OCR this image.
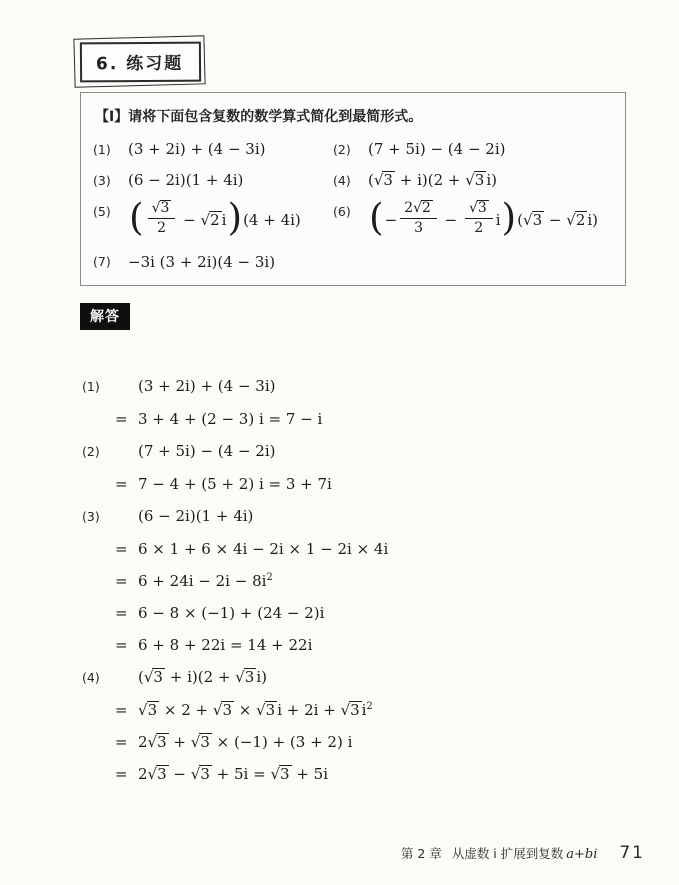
6. 练习题
【Ⅰ】请将下面包含复数的数学算式简化到最简形式。
(1) (3 + 2i) + (4 − 3i)	(2) (7 + 5i) − (4 − 2i)
(3) (6 − 2i)(1 + 4i)	(4) (√3 + i)(2 + √3 i)
(5) ( $\frac{√3}{2} - √2$ i)(4 + 4i)	(6) (− $\frac{2√2}{3} - \frac{√3}{2} i)(√3 - √2$ i)
(7) −3i (3 + 2i)(4 − 3i)
解答
(1)	(3 + 2i) + (4 − 3i)
= 3 + 4 + (2 − 3) i = 7 − i
(2)	(7 + 5i) − (4 − 2i)
= 7 − 4 + (5 + 2) i = 3 + 7i
(3)	(6 − 2i)(1 + 4i)
= 6 × 1 + 6 × 4i − 2i × 1 − 2i × 4i
= $6 + 24i - 2i - 8i^2$
= 6 − 8 × (−1) + (24 − 2)i
= 6 + 8 + 22i = 14 + 22i
(4)	(√3 + i)(2 + √3 i)
= √3 × 2 + √3 × √3 i + 2i + √3 $i^2$
= 2√3 + √3 × (−1) + (3 + 2) i
= 2√3 − √3 + 5i = √3 + 5i
第 2 章 从虚数 i 扩展到复数 a+bi 71
